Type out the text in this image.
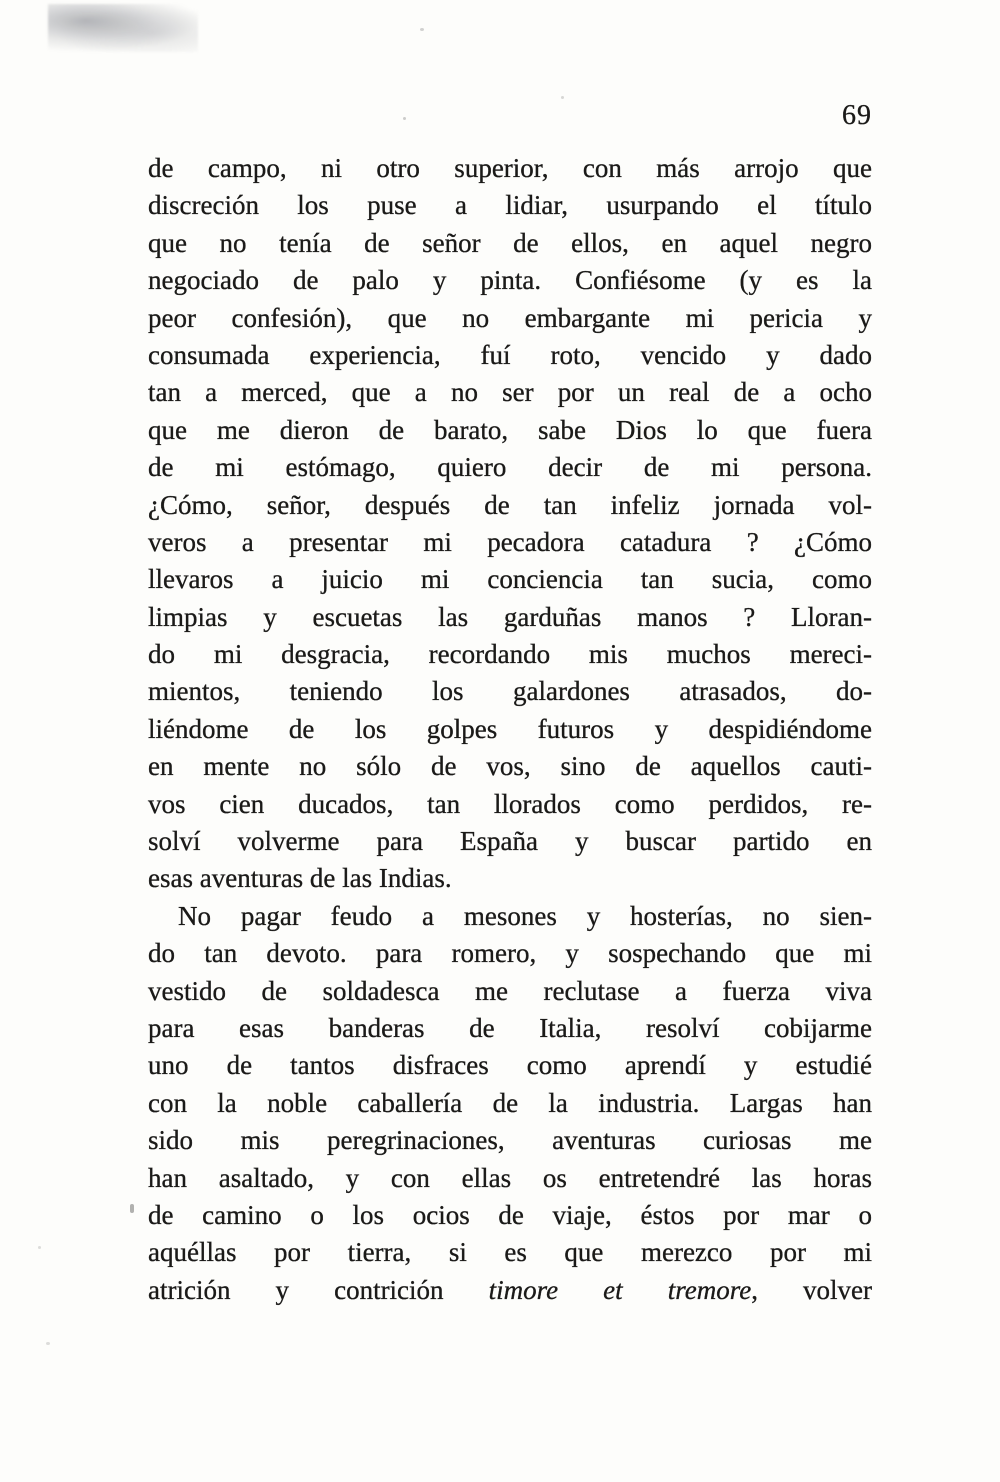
69
de campo, ni otro superior, con más arrojo que
discreción los puse a lidiar, usurpando el título
que no tenía de señor de ellos, en aquel negro
negociado de palo y pinta. Confiésome (y es la
peor confesión), que no embargante mi pericia y
consumada experiencia, fuí roto, vencido y dado
tan a merced, que a no ser por un real de a ocho
que me dieron de barato, sabe Dios lo que fuera
de mi estómago, quiero decir de mi persona.
¿Cómo, señor, después de tan infeliz jornada vol-
veros a presentar mi pecadora catadura ? ¿Cómo
llevaros a juicio mi conciencia tan sucia, como
limpias y escuetas las garduñas manos ? Lloran-
do mi desgracia, recordando mis muchos mereci-
mientos, teniendo los galardones atrasados, do-
liéndome de los golpes futuros y despidiéndome
en mente no sólo de vos, sino de aquellos cauti-
vos cien ducados, tan llorados como perdidos, re-
solví volverme para España y buscar partido en
esas aventuras de las Indias.
No pagar feudo a mesones y hosterías, no sien-
do tan devoto. para romero, y sospechando que mi
vestido de soldadesca me reclutase a fuerza viva
para esas banderas de Italia, resolví cobijarme
uno de tantos disfraces como aprendí y estudié
con la noble caballería de la industria. Largas han
sido mis peregrinaciones, aventuras curiosas me
han asaltado, y con ellas os entretendré las horas
de camino o los ocios de viaje, éstos por mar o
aquéllas por tierra, si es que merezco por mi
atrición y contrición timore et tremore, volver
